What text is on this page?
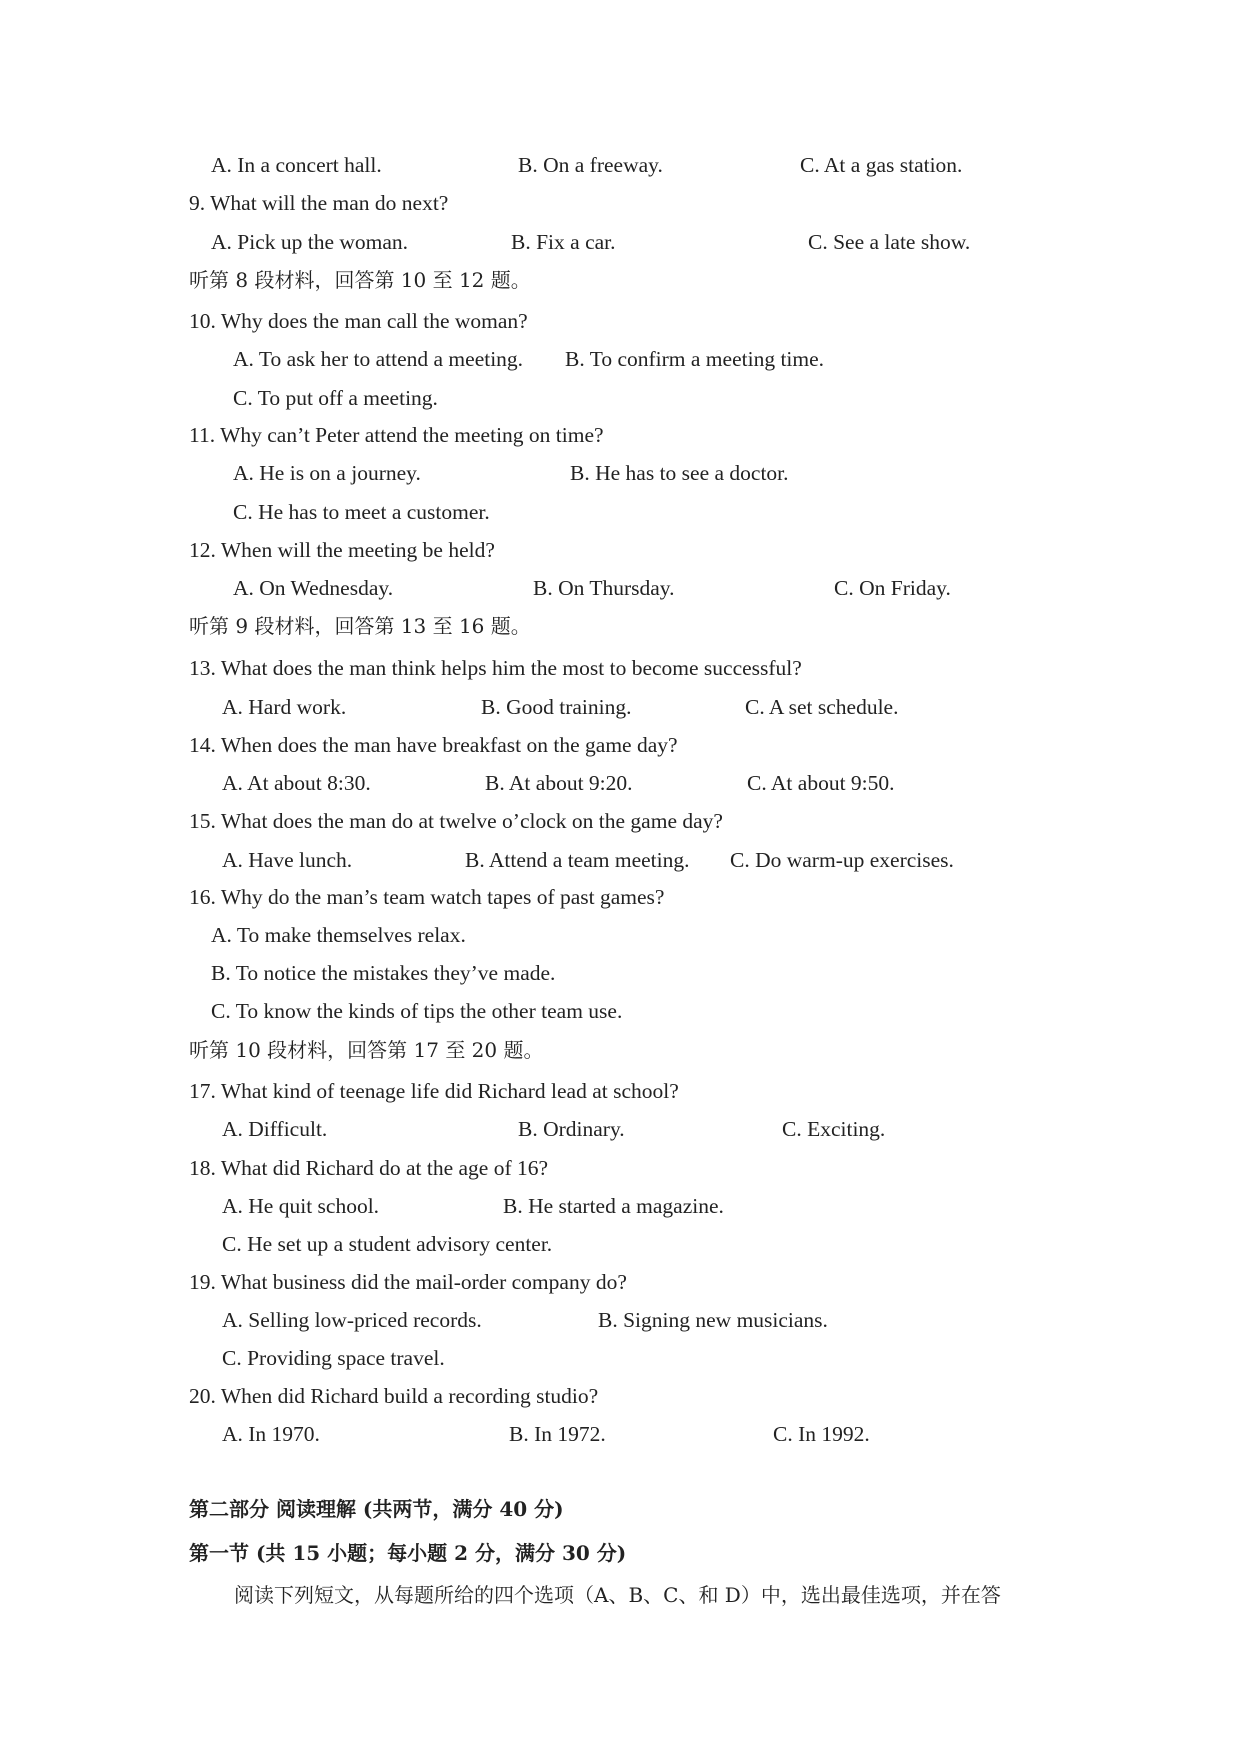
A. In a concert hall.	B. On a freeway.	C. At a gas station.
9. What will the man do next?
A. Pick up the woman.	B. Fix a car.	C. See a late show.
听第 8 段材料，回答第 10 至 12 题。
10. Why does the man call the woman?
A. To ask her to attend a meeting. B. To confirm a meeting time.
C. To put off a meeting.
11. Why can’t Peter attend the meeting on time?
A. He is on a journey.	B. He has to see a doctor.
C. He has to meet a customer.
12. When will the meeting be held?
A. On Wednesday.	B. On Thursday.	C. On Friday.
听第 9 段材料，回答第 13 至 16 题。
13. What does the man think helps him the most to become successful?
A. Hard work.	B. Good training.	C. A set schedule.
14. When does the man have breakfast on the game day?
A. At about 8:30.	B. At about 9:20.	C. At about 9:50.
15. What does the man do at twelve o’clock on the game day?
A. Have lunch.	B. Attend a team meeting. C. Do warm-up exercises.
16. Why do the man’s team watch tapes of past games?
A. To make themselves relax.
B. To notice the mistakes they’ve made.
C. To know the kinds of tips the other team use.
听第 10 段材料，回答第 17 至 20 题。
17. What kind of teenage life did Richard lead at school?
A. Difficult.	B. Ordinary.	C. Exciting.
18. What did Richard do at the age of 16?
A. He quit school.	B. He started a magazine.
C. He set up a student advisory center.
19. What business did the mail-order company do?
A. Selling low-priced records.	B. Signing new musicians.
C. Providing space travel.
20. When did Richard build a recording studio?
A. In 1970.	B. In 1972.	C. In 1992.
第二部分 阅读理解 (共两节，满分 40 分)
第一节 (共 15 小题；每小题 2 分，满分 30 分)
阅读下列短文，从每题所给的四个选项（A、B、C、和 D）中，选出最佳选项，并在答
